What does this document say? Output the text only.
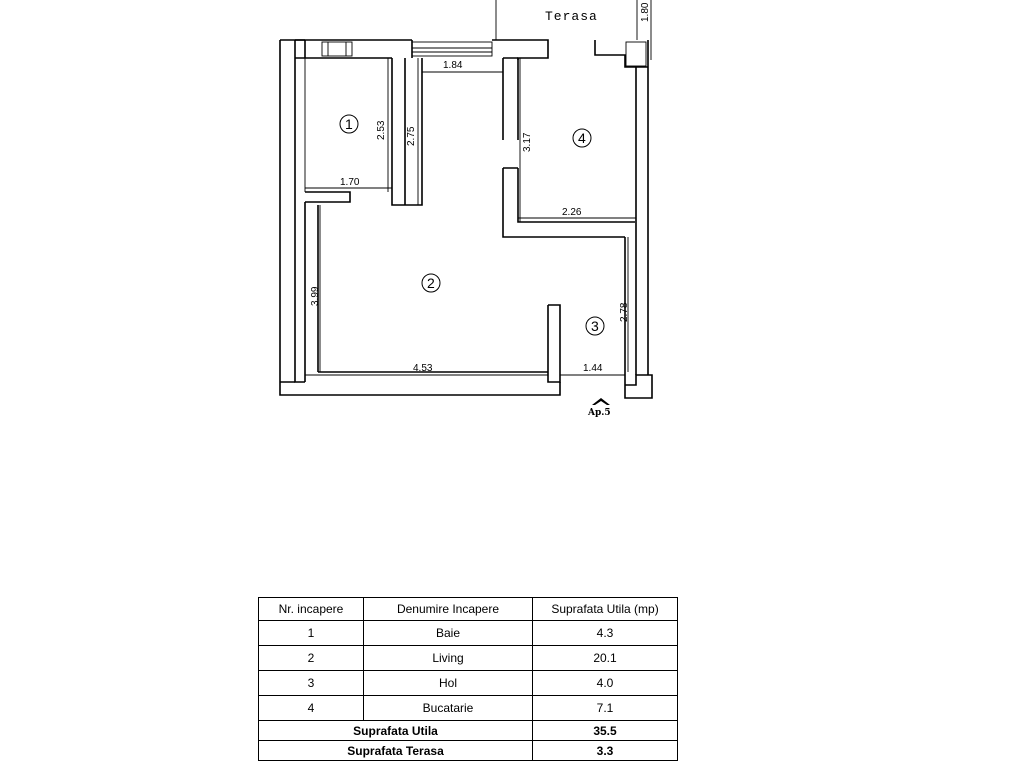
Terasa	1.80
1.84
2.53 2.75
1.70
3.17
2.26
3.99
2.78
4.53	1.44
1
2
3
4
Ap.5
Nr. incapere	Denumire Incapere	Suprafata Utila (mp)
1	Baie	4.3
2	Living	20.1
3	Hol	4.0
4	Bucatarie	7.1
Suprafata Utila		35.5
Suprafata Terasa		3.3
